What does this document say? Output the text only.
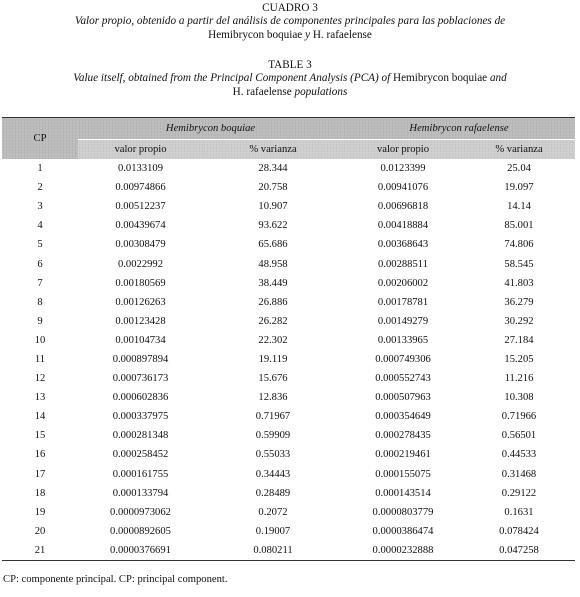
CUADRO 3
Valor propio, obtenido a partir del análisis de componentes principales para las poblaciones de
Hemibrycon boquiae y H. rafaelense
TABLE 3
Value itself, obtained from the Principal Component Analysis (PCA) of Hemibrycon boquiae and
H. rafaelense populations
CP	Hemibrycon boquiae		Hemibrycon rafaelense	
	valor propio	% varianza	valor propio	% varianza
1	0.0133109	28.344	0.0123399	25.04
2	0.00974866	20.758	0.00941076	19.097
3	0.00512237	10.907	0.00696818	14.14
4	0.00439674	93.622	0.00418884	85.001
5	0.00308479	65.686	0.00368643	74.806
6	0.0022992	48.958	0.00288511	58.545
7	0.00180569	38.449	0.00206002	41.803
8	0.00126263	26.886	0.00178781	36.279
9	0.00123428	26.282	0.00149279	30.292
10	0.00104734	22.302	0.00133965	27.184
11	0.000897894	19.119	0.000749306	15.205
12	0.000736173	15.676	0.000552743	11.216
13	0.000602836	12.836	0.000507963	10.308
14	0.000337975	0.71967	0.000354649	0.71966
15	0.000281348	0.59909	0.000278435	0.56501
16	0.000258452	0.55033	0.000219461	0.44533
17	0.000161755	0.34443	0.000155075	0.31468
18	0.000133794	0.28489	0.000143514	0.29122
19	0.0000973062	0.2072	0.0000803779	0.1631
20	0.0000892605	0.19007	0.0000386474	0.078424
21	0.0000376691	0.080211	0.0000232888	0.047258
CP: componente principal. CP: principal component.
